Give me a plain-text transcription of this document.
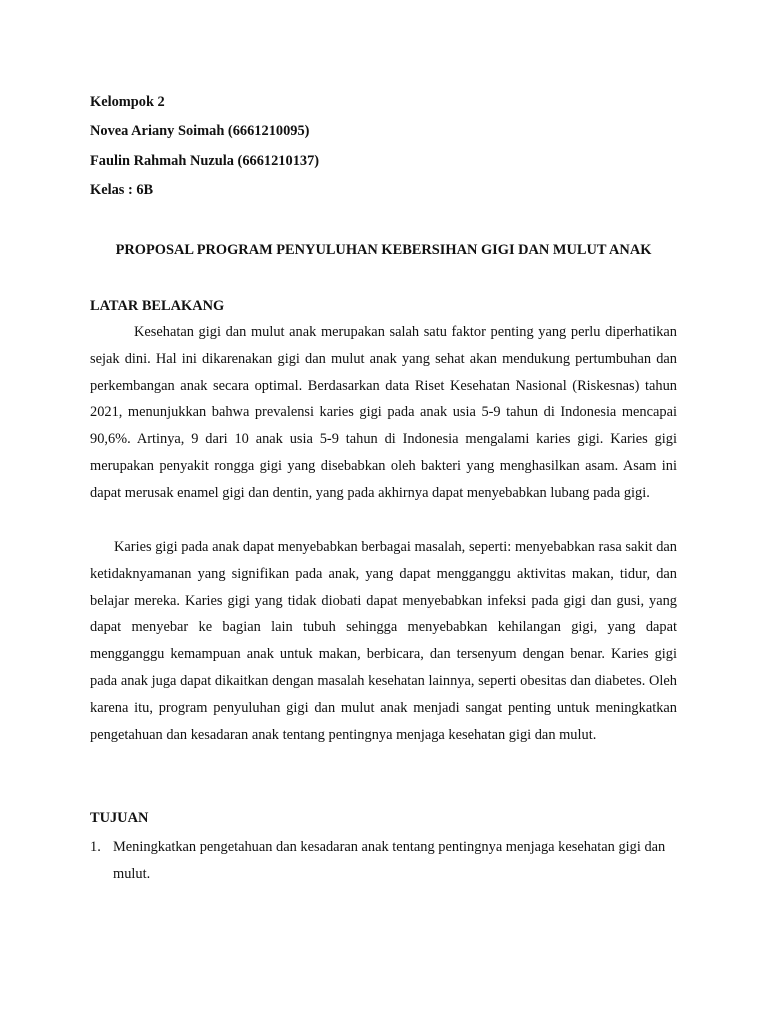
Kelompok 2

Novea Ariany Soimah (6661210095)

Faulin Rahmah Nuzula (6661210137)

Kelas : 6B

PROPOSAL PROGRAM PENYULUHAN KEBERSIHAN GIGI DAN MULUT ANAK

LATAR BELAKANG

Kesehatan gigi dan mulut anak merupakan salah satu faktor penting yang perlu diperhatikan sejak dini. Hal ini dikarenakan gigi dan mulut anak yang sehat akan mendukung pertumbuhan dan perkembangan anak secara optimal. Berdasarkan data Riset Kesehatan Nasional (Riskesnas) tahun 2021, menunjukkan bahwa prevalensi karies gigi pada anak usia 5-9 tahun di Indonesia mencapai 90,6%. Artinya, 9 dari 10 anak usia 5-9 tahun di Indonesia mengalami karies gigi. Karies gigi merupakan penyakit rongga gigi yang disebabkan oleh bakteri yang menghasilkan asam. Asam ini dapat merusak enamel gigi dan dentin, yang pada akhirnya dapat menyebabkan lubang pada gigi.

Karies gigi pada anak dapat menyebabkan berbagai masalah, seperti: menyebabkan rasa sakit dan ketidaknyamanan yang signifikan pada anak, yang dapat mengganggu aktivitas makan, tidur, dan belajar mereka. Karies gigi yang tidak diobati dapat menyebabkan infeksi pada gigi dan gusi, yang dapat menyebar ke bagian lain tubuh sehingga menyebabkan kehilangan gigi, yang dapat mengganggu kemampuan anak untuk makan, berbicara, dan tersenyum dengan benar. Karies gigi pada anak juga dapat dikaitkan dengan masalah kesehatan lainnya, seperti obesitas dan diabetes. Oleh karena itu, program penyuluhan gigi dan mulut anak menjadi sangat penting untuk meningkatkan pengetahuan dan kesadaran anak tentang pentingnya menjaga kesehatan gigi dan mulut.

TUJUAN

1. Meningkatkan pengetahuan dan kesadaran anak tentang pentingnya menjaga kesehatan gigi dan mulut.
